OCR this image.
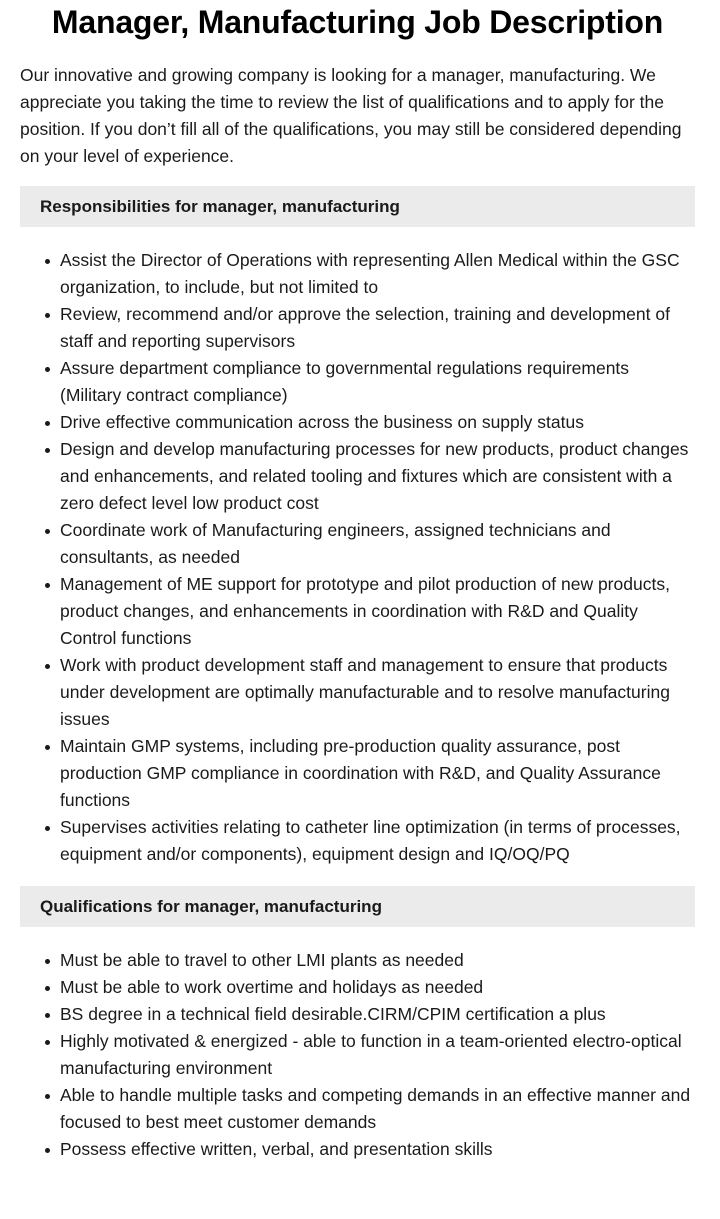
Manager, Manufacturing Job Description

Our innovative and growing company is looking for a manager, manufacturing. We appreciate you taking the time to review the list of qualifications and to apply for the position. If you don’t fill all of the qualifications, you may still be considered depending on your level of experience.

Responsibilities for manager, manufacturing
Assist the Director of Operations with representing Allen Medical within the GSC organization, to include, but not limited to
Review, recommend and/or approve the selection, training and development of staff and reporting supervisors
Assure department compliance to governmental regulations requirements (Military contract compliance)
Drive effective communication across the business on supply status
Design and develop manufacturing processes for new products, product changes and enhancements, and related tooling and fixtures which are consistent with a zero defect level low product cost
Coordinate work of Manufacturing engineers, assigned technicians and consultants, as needed
Management of ME support for prototype and pilot production of new products, product changes, and enhancements in coordination with R&D and Quality Control functions
Work with product development staff and management to ensure that products under development are optimally manufacturable and to resolve manufacturing issues
Maintain GMP systems, including pre-production quality assurance, post production GMP compliance in coordination with R&D, and Quality Assurance functions
Supervises activities relating to catheter line optimization (in terms of processes, equipment and/or components), equipment design and IQ/OQ/PQ
Qualifications for manager, manufacturing
Must be able to travel to other LMI plants as needed
Must be able to work overtime and holidays as needed
BS degree in a technical field desirable.CIRM/CPIM certification a plus
Highly motivated & energized - able to function in a team-oriented electro-optical manufacturing environment
Able to handle multiple tasks and competing demands in an effective manner and focused to best meet customer demands
Possess effective written, verbal, and presentation skills
